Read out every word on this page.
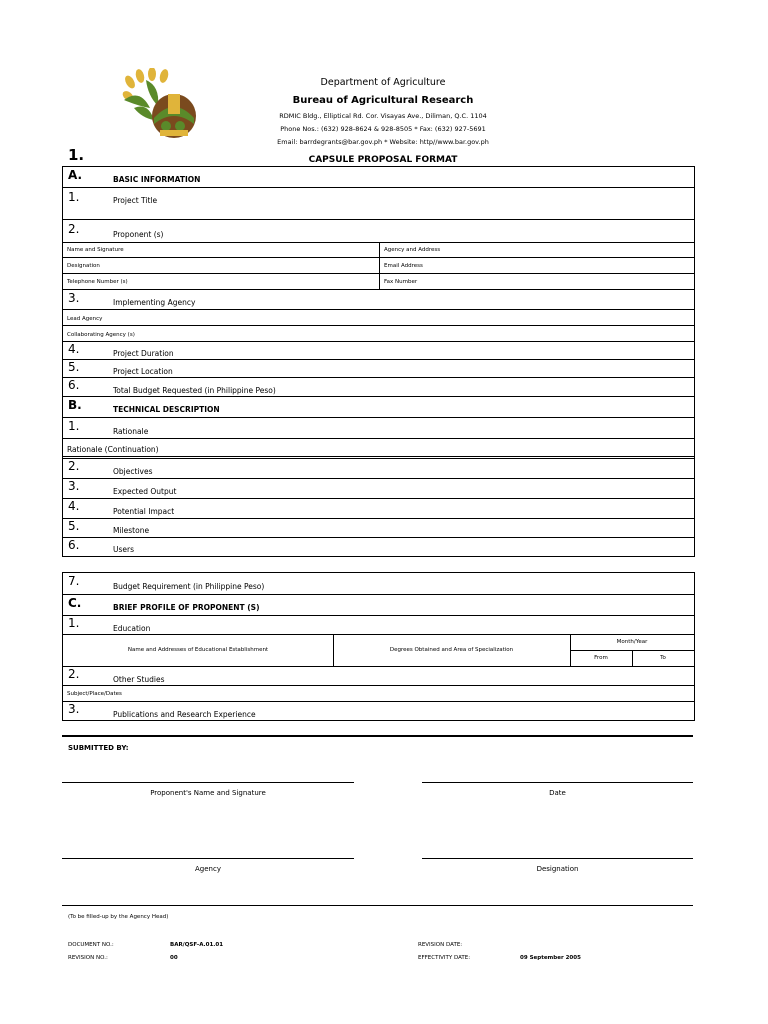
Department of Agriculture
Bureau of Agricultural Research
RDMIC Bldg., Elliptical Rd. Cor. Visayas Ave., Diliman, Q.C. 1104
Phone Nos.: (632) 928-8624 & 928-8505 * Fax: (632) 927-5691
Email: barrdegrants@bar.gov.ph * Website: http//www.bar.gov.ph
1.	CAPSULE PROPOSAL FORMAT
A.	BASIC INFORMATION
1.	Project Title
2.	Proponent (s)
Name and Signature	Agency and Address
Designation	Email Address
Telephone Number (s)	Fax Number
3.	Implementing Agency
Lead Agency
Collaborating Agency (s)
4.	Project Duration
5.	Project Location
6.	Total Budget Requested (in Philippine Peso)
B.	TECHNICAL DESCRIPTION
1.	Rationale
Rationale (Continuation)
2.	Objectives
3.	Expected Output
4.	Potential Impact
5.	Milestone
6.	Users
7.	Budget Requirement (in Philippine Peso)
C.	BRIEF PROFILE OF PROPONENT (S)
1.	Education
Name and Addresses of Educational Establishment	Degrees Obtained and Area of Specialization
Month/Year
From	To
2.	Other Studies
Subject/Place/Dates
3.	Publications and Research Experience
SUBMITTED BY:
Proponent's Name and Signature	Date
Agency	Designation
(To be filled-up by the Agency Head)
DOCUMENT NO.:	BAR/QSF-A.01.01
REVISION NO.:	00
REVISION DATE:
EFFECTIVITY DATE:	09 September 2005
